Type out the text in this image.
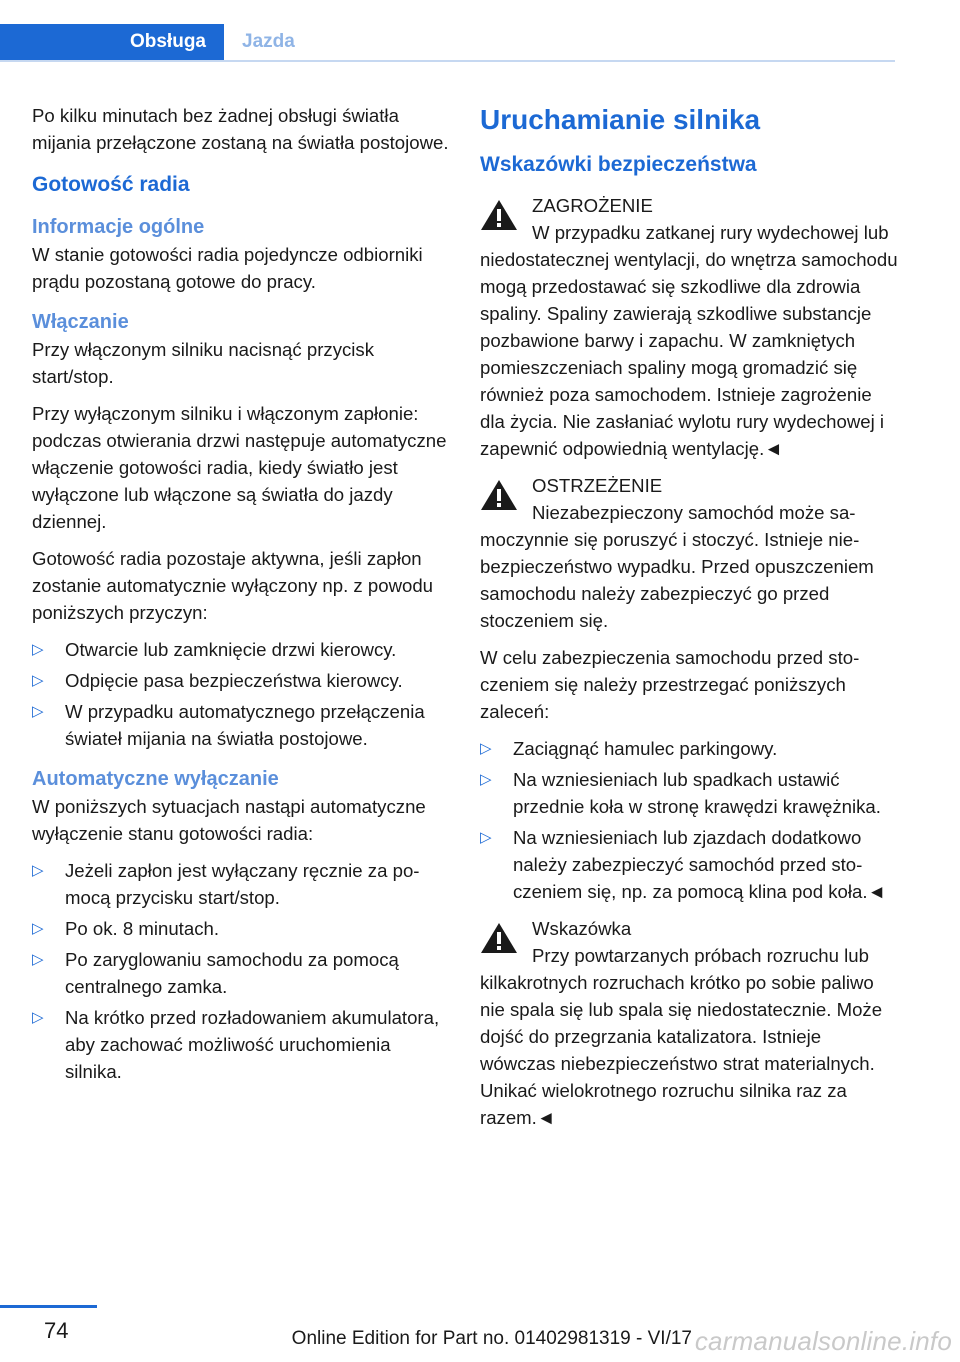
Obsługa	Jazda

Po kilku minutach bez żadnej obsługi światła mijania przełączone zostaną na światła postojowe.

Gotowość radia
Informacje ogólne

W stanie gotowości radia pojedyncze odbiorniki prądu pozostaną gotowe do pracy.

Włączanie

Przy włączonym silniku nacisnąć przycisk start/stop.

Przy wyłączonym silniku i włączonym zapłonie: podczas otwierania drzwi następuje automatyczne włączenie gotowości radia, kiedy światło jest wyłączone lub włączone są światła do jazdy dziennej.

Gotowość radia pozostaje aktywna, jeśli zapłon zostanie automatycznie wyłączony np. z powodu poniższych przyczyn:

▷ Otwarcie lub zamknięcie drzwi kierowcy.
▷ Odpięcie pasa bezpieczeństwa kierowcy.
▷ W przypadku automatycznego przełączenia świateł mijania na światła postojowe.
Automatyczne wyłączanie

W poniższych sytuacjach nastąpi automatyczne wyłączenie stanu gotowości radia:

▷ Jeżeli zapłon jest wyłączany ręcznie za pomocą przycisku start/stop.
▷ Po ok. 8 minutach.
▷ Po zaryglowaniu samochodu za pomocą centralnego zamka.
▷ Na krótko przed rozładowaniem akumulatora, aby zachować możliwość uruchomienia silnika.
Uruchamianie silnika
Wskazówki bezpieczeństwa
ZAGROŻENIE
W przypadku zatkanej rury wydechowej lub niedostatecznej wentylacji, do wnętrza samochodu mogą przedostawać się szkodliwe dla zdrowia spaliny. Spaliny zawierają szkodliwe substancje pozbawione barwy i zapachu. W zamkniętych pomieszczeniach spaliny mogą gromadzić się również poza samochodem. Istnieje zagrożenie dla życia. Nie zasłaniać wylotu rury wydechowej i zapewnić odpowiednią wentylację.◄
OSTRZEŻENIE
Niezabezpieczony samochód może samoczynnie się poruszyć i stoczyć. Istnieje niebezpieczeństwo wypadku. Przed opuszczeniem samochodu należy zabezpieczyć go przed stoczeniem się.

W celu zabezpieczenia samochodu przed stoczeniem się należy przestrzegać poniższych zaleceń:

▷ Zaciągnąć hamulec parkingowy.
▷ Na wzniesieniach lub spadkach ustawić przednie koła w stronę krawędzi krawężnika.
▷ Na wzniesieniach lub zjazdach dodatkowo należy zabezpieczyć samochód przed stoczeniem się, np. za pomocą klina pod koła.◄
Wskazówka
Przy powtarzanych próbach rozruchu lub kilkakrotnych rozruchach krótko po sobie paliwo nie spala się lub spala się niedostatecznie. Może dojść do przegrzania katalizatora. Istnieje wówczas niebezpieczeństwo strat materialnych. Unikać wielokrotnego rozruchu silnika raz za razem.◄
74	Online Edition for Part no. 01402981319 - VI/17 carmanualsonline.info
